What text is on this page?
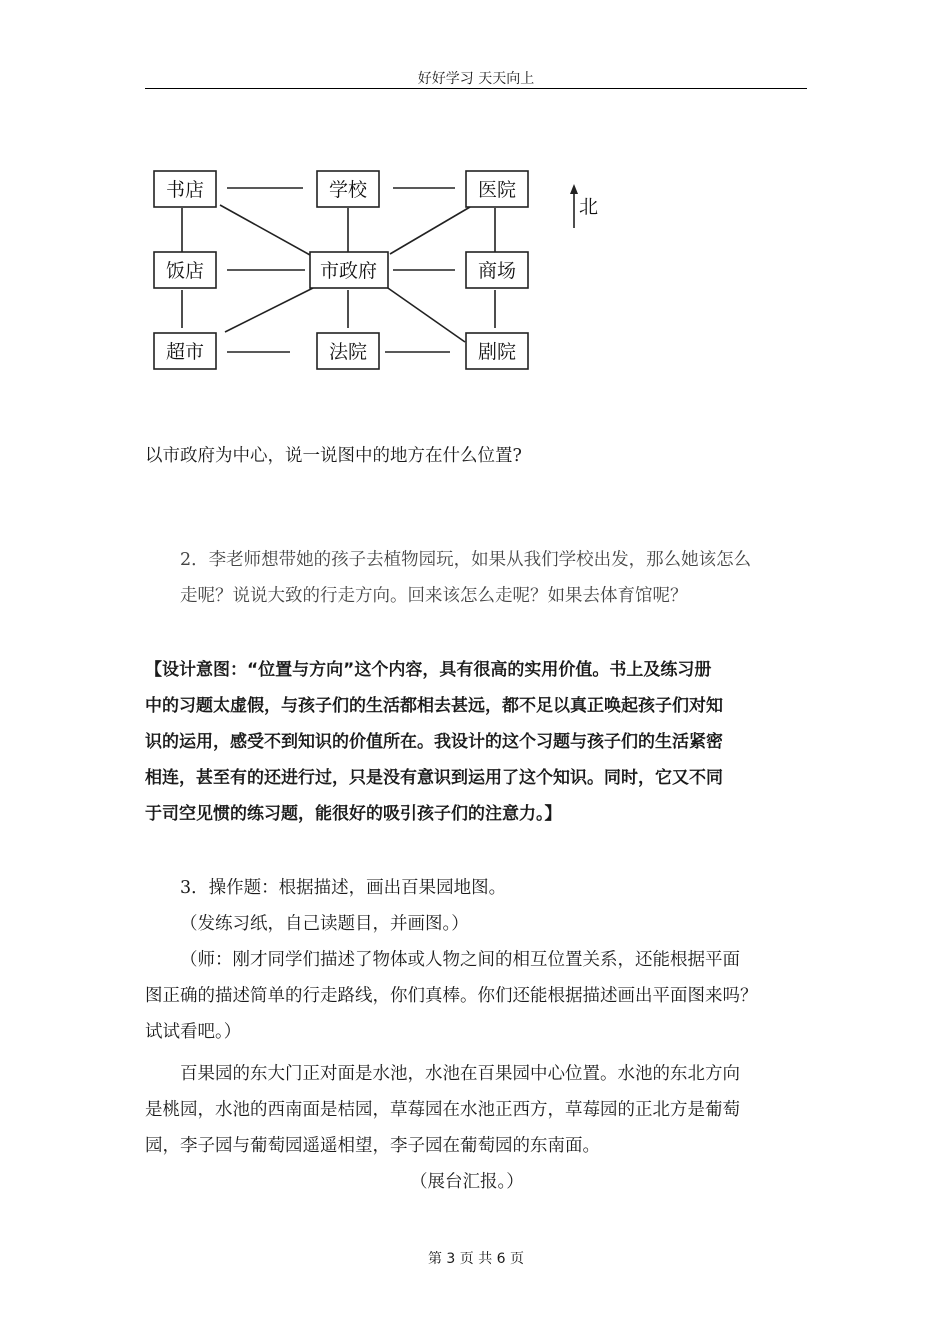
好好学习 天天向上
北
书店	学校	医院
饭店	市政府	商场
超市	法院	剧院

以市政府为中心，说一说图中的地方在什么位置?

2．李老师想带她的孩子去植物园玩，如果从我们学校出发，那么她该怎么

走呢？说说大致的行走方向。回来该怎么走呢？如果去体育馆呢？

【设计意图：“位置与方向”这个内容，具有很高的实用价值。书上及练习册

中的习题太虚假，与孩子们的生活都相去甚远，都不足以真正唤起孩子们对知

识的运用，感受不到知识的价值所在。我设计的这个习题与孩子们的生活紧密

相连，甚至有的还进行过，只是没有意识到运用了这个知识。同时，它又不同

于司空见惯的练习题，能很好的吸引孩子们的注意力。】

3．操作题：根据描述，画出百果园地图。

（发练习纸，自己读题目，并画图。）

（师：刚才同学们描述了物体或人物之间的相互位置关系，还能根据平面

图正确的描述简单的行走路线，你们真棒。你们还能根据描述画出平面图来吗？

试试看吧。）

百果园的东大门正对面是水池，水池在百果园中心位置。水池的东北方向

是桃园，水池的西南面是桔园，草莓园在水池正西方，草莓园的正北方是葡萄

园，李子园与葡萄园遥遥相望，李子园在葡萄园的东南面。

（展台汇报。）

第 3 页 共 6 页
